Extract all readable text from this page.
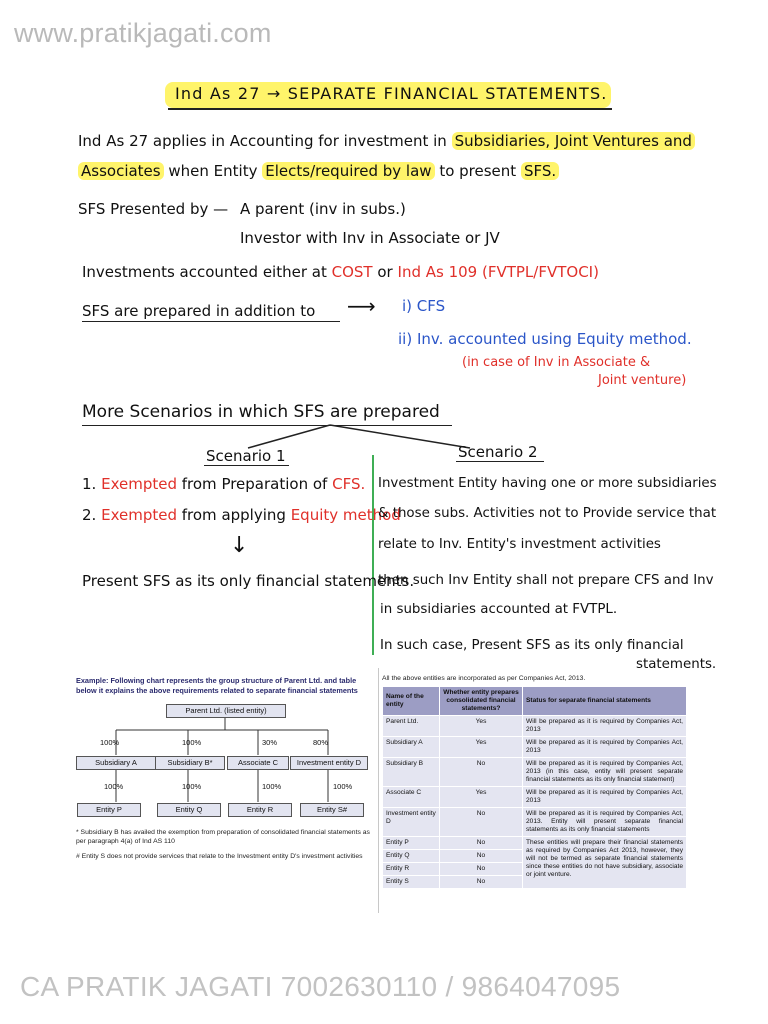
www.pratikjagati.com
CA PRATIK JAGATI 7002630110 / 9864047095
Ind As 27 → SEPARATE FINANCIAL STATEMENTS.
Ind As 27 applies in Accounting for investment in Subsidiaries, Joint Ventures and
Associates when Entity Elects/required by law to present SFS.
SFS Presented by — A parent (inv in subs.)
Investor with Inv in Associate or JV
Investments accounted either at COST or Ind As 109 (FVTPL/FVTOCI)
SFS are prepared in addition to ⟶ i) CFS
ii) Inv. accounted using Equity method.
(in case of Inv in Associate &
Joint venture)
More Scenarios in which SFS are prepared
Scenario 1	Scenario 2
1. Exempted from Preparation of CFS.
2. Exempted from applying Equity method
↓
Present SFS as its only financial statements.
Investment Entity having one or more subsidiaries
& those subs. Activities not to Provide service that
relate to Inv. Entity's investment activities
then such Inv Entity shall not prepare CFS and Inv
in subsidiaries accounted at FVTPL.
In such case, Present SFS as its only financial
statements.
Example: Following chart represents the group structure of Parent Ltd. and table below it explains the above requirements related to separate financial statements
Parent Ltd. (listed entity)
100%	100%	30%	80%
Subsidiary A	Subsidiary B*	Associate C	Investment entity D
100%	100%	100%	100%
Entity P	Entity Q	Entity R	Entity S#
* Subsidiary B has availed the exemption from preparation of consolidated financial statements as per paragraph 4(a) of Ind AS 110
# Entity S does not provide services that relate to the Investment entity D's investment activities
All the above entities are incorporated as per Companies Act, 2013.
Name of the entity	Whether entity prepares consolidated financial statements?	Status for separate financial statements
Parent Ltd.	Yes	Will be prepared as it is required by Companies Act, 2013
Subsidiary A	Yes	Will be prepared as it is required by Companies Act, 2013
Subsidiary B	No	Will be prepared as it is required by Companies Act, 2013 (in this case, entity will present separate financial statements as its only financial statement)
Associate C	Yes	Will be prepared as it is required by Companies Act, 2013
Investment entity D	No	Will be prepared as it is required by Companies Act, 2013. Entity will present separate financial statements as its only financial statements
Entity P	No	These entities will prepare their financial statements as required by Companies Act 2013, however, they will not be termed as separate financial statements since these entities do not have subsidiary, associate or joint venture.
Entity Q	No	
Entity R	No	
Entity S	No	
